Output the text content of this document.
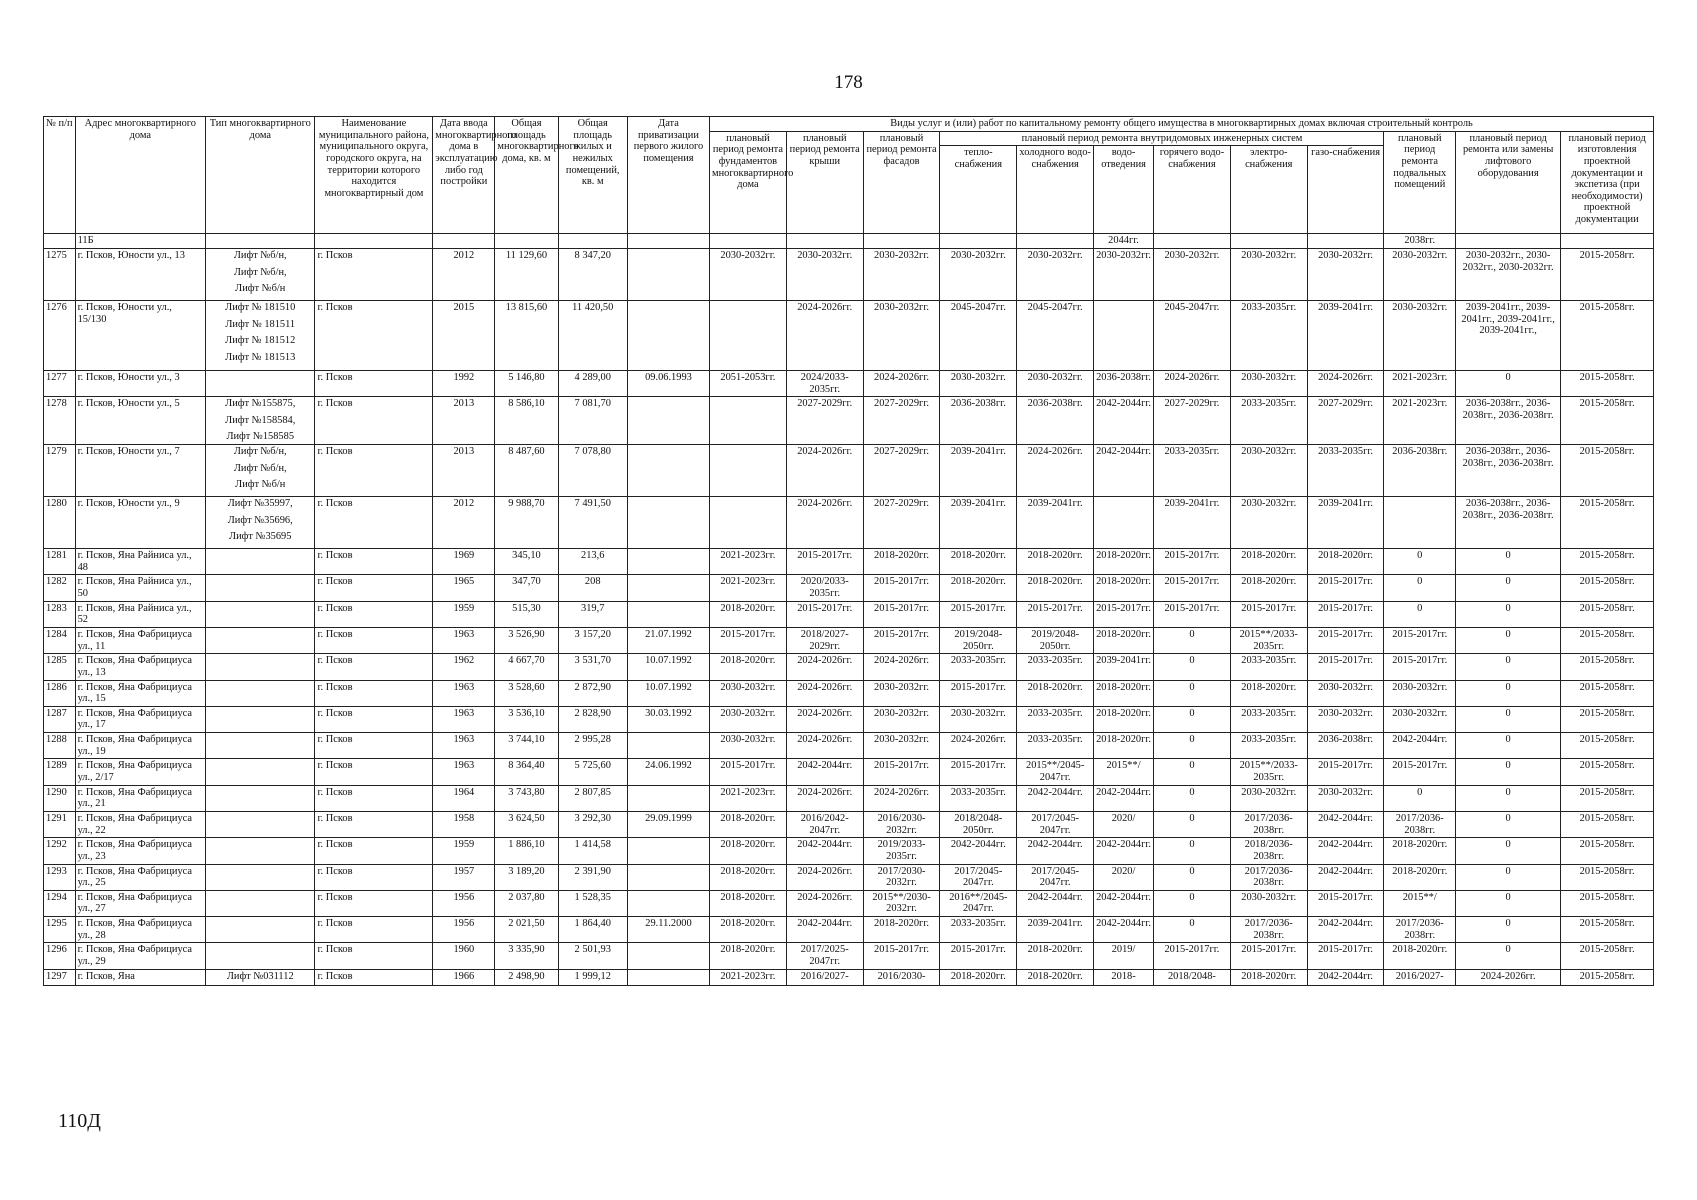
178
№ п/п	Адрес многоквартирного дома	Тип многоквартирного дома	Наименование муниципального района, муниципального округа, городского округа, на территории которого находится многоквартирный дом	Дата ввода многоквартирного дома в эксплуатацию либо год постройки	Общая площадь многоквартирного дома, кв. м	Общая площадь жилых и нежилых помещений, кв. м	Дата приватизации первого жилого помещения	Виды услуг и (или) работ по капитальному ремонту общего имущества в многоквартирных домах включая строительный контроль											
								плановый период ремонта фундаментов многоквартирного дома	плановый период ремонта крыши	плановый период ремонта фасадов	плановый период ремонта внутридомовых инженерных систем						плановый период ремонта подвальных помещений	плановый период ремонта или замены лифтового оборудования	плановый период изготовления проектной документации и экспетиза (при необходимости) проектной документации
											тепло-снабжения	холодного водо-снабжения	водо-отведения	горячего водо-снабжения	электро-снабжения	газо-снабжения			
	11Б												2044гг.				2038гг.		
1275	г. Псков, Юности ул., 13	Лифт №б/н,
Лифт №б/н,
Лифт №б/н	г. Псков	2012	11 129,60	8 347,20		2030-2032гг.	2030-2032гг.	2030-2032гг.	2030-2032гг.	2030-2032гг.	2030-2032гг.	2030-2032гг.	2030-2032гг.	2030-2032гг.	2030-2032гг.	2030-2032гг., 2030-2032гг., 2030-2032гг.	2015-2058гг.
1276	г. Псков, Юности ул., 15/130	Лифт № 181510
Лифт № 181511
Лифт № 181512
Лифт № 181513	г. Псков	2015	13 815,60	11 420,50			2024-2026гг.	2030-2032гг.	2045-2047гг.	2045-2047гг.		2045-2047гг.	2033-2035гг.	2039-2041гг.	2030-2032гг.	2039-2041гг., 2039-2041гг., 2039-2041гг., 2039-2041гг.,	2015-2058гг.
1277	г. Псков, Юности ул., 3		г. Псков	1992	5 146,80	4 289,00	09.06.1993	2051-2053гг.	2024/2033-2035гг.	2024-2026гг.	2030-2032гг.	2030-2032гг.	2036-2038гг.	2024-2026гг.	2030-2032гг.	2024-2026гг.	2021-2023гг.	0	2015-2058гг.
1278	г. Псков, Юности ул., 5	Лифт №155875,
Лифт №158584,
Лифт №158585	г. Псков	2013	8 586,10	7 081,70			2027-2029гг.	2027-2029гг.	2036-2038гг.	2036-2038гг.	2042-2044гг.	2027-2029гг.	2033-2035гг.	2027-2029гг.	2021-2023гг.	2036-2038гг., 2036-2038гг., 2036-2038гг.	2015-2058гг.
1279	г. Псков, Юности ул., 7	Лифт №б/н,
Лифт №б/н,
Лифт №б/н	г. Псков	2013	8 487,60	7 078,80			2024-2026гг.	2027-2029гг.	2039-2041гг.	2024-2026гг.	2042-2044гг.	2033-2035гг.	2030-2032гг.	2033-2035гг.	2036-2038гг.	2036-2038гг., 2036-2038гг., 2036-2038гг.	2015-2058гг.
1280	г. Псков, Юности ул., 9	Лифт №35997,
Лифт №35696,
Лифт №35695	г. Псков	2012	9 988,70	7 491,50			2024-2026гг.	2027-2029гг.	2039-2041гг.	2039-2041гг.		2039-2041гг.	2030-2032гг.	2039-2041гг.		2036-2038гг., 2036-2038гг., 2036-2038гг.	2015-2058гг.
1281	г. Псков, Яна Райниса ул., 48		г. Псков	1969	345,10	213,6		2021-2023гг.	2015-2017гг.	2018-2020гг.	2018-2020гг.	2018-2020гг.	2018-2020гг.	2015-2017гг.	2018-2020гг.	2018-2020гг.	0	0	2015-2058гг.
1282	г. Псков, Яна Райниса ул., 50		г. Псков	1965	347,70	208		2021-2023гг.	2020/2033-2035гг.	2015-2017гг.	2018-2020гг.	2018-2020гг.	2018-2020гг.	2015-2017гг.	2018-2020гг.	2015-2017гг.	0	0	2015-2058гг.
1283	г. Псков, Яна Райниса ул., 52		г. Псков	1959	515,30	319,7		2018-2020гг.	2015-2017гг.	2015-2017гг.	2015-2017гг.	2015-2017гг.	2015-2017гг.	2015-2017гг.	2015-2017гг.	2015-2017гг.	0	0	2015-2058гг.
1284	г. Псков, Яна Фабрициуса ул., 11		г. Псков	1963	3 526,90	3 157,20	21.07.1992	2015-2017гг.	2018/2027-2029гг.	2015-2017гг.	2019/2048-2050гг.	2019/2048-2050гг.	2018-2020гг.	0	2015**/2033-2035гг.	2015-2017гг.	2015-2017гг.	0	2015-2058гг.
1285	г. Псков, Яна Фабрициуса ул., 13		г. Псков	1962	4 667,70	3 531,70	10.07.1992	2018-2020гг.	2024-2026гг.	2024-2026гг.	2033-2035гг.	2033-2035гг.	2039-2041гг.	0	2033-2035гг.	2015-2017гг.	2015-2017гг.	0	2015-2058гг.
1286	г. Псков, Яна Фабрициуса ул., 15		г. Псков	1963	3 528,60	2 872,90	10.07.1992	2030-2032гг.	2024-2026гг.	2030-2032гг.	2015-2017гг.	2018-2020гг.	2018-2020гг.	0	2018-2020гг.	2030-2032гг.	2030-2032гг.	0	2015-2058гг.
1287	г. Псков, Яна Фабрициуса ул., 17		г. Псков	1963	3 536,10	2 828,90	30.03.1992	2030-2032гг.	2024-2026гг.	2030-2032гг.	2030-2032гг.	2033-2035гг.	2018-2020гг.	0	2033-2035гг.	2030-2032гг.	2030-2032гг.	0	2015-2058гг.
1288	г. Псков, Яна Фабрициуса ул., 19		г. Псков	1963	3 744,10	2 995,28		2030-2032гг.	2024-2026гг.	2030-2032гг.	2024-2026гг.	2033-2035гг.	2018-2020гг.	0	2033-2035гг.	2036-2038гг.	2042-2044гг.	0	2015-2058гг.
1289	г. Псков, Яна Фабрициуса ул., 2/17		г. Псков	1963	8 364,40	5 725,60	24.06.1992	2015-2017гг.	2042-2044гг.	2015-2017гг.	2015-2017гг.	2015**/2045-2047гг.	2015**/	0	2015**/2033-2035гг.	2015-2017гг.	2015-2017гг.	0	2015-2058гг.
1290	г. Псков, Яна Фабрициуса ул., 21		г. Псков	1964	3 743,80	2 807,85		2021-2023гг.	2024-2026гг.	2024-2026гг.	2033-2035гг.	2042-2044гг.	2042-2044гг.	0	2030-2032гг.	2030-2032гг.	0	0	2015-2058гг.
1291	г. Псков, Яна Фабрициуса ул., 22		г. Псков	1958	3 624,50	3 292,30	29.09.1999	2018-2020гг.	2016/2042-2047гг.	2016/2030-2032гг.	2018/2048-2050гг.	2017/2045-2047гг.	2020/	0	2017/2036-2038гг.	2042-2044гг.	2017/2036-2038гг.	0	2015-2058гг.
1292	г. Псков, Яна Фабрициуса ул., 23		г. Псков	1959	1 886,10	1 414,58		2018-2020гг.	2042-2044гг.	2019/2033-2035гг.	2042-2044гг.	2042-2044гг.	2042-2044гг.	0	2018/2036-2038гг.	2042-2044гг.	2018-2020гг.	0	2015-2058гг.
1293	г. Псков, Яна Фабрициуса ул., 25		г. Псков	1957	3 189,20	2 391,90		2018-2020гг.	2024-2026гг.	2017/2030-2032гг.	2017/2045-2047гг.	2017/2045-2047гг.	2020/	0	2017/2036-2038гг.	2042-2044гг.	2018-2020гг.	0	2015-2058гг.
1294	г. Псков, Яна Фабрициуса ул., 27		г. Псков	1956	2 037,80	1 528,35		2018-2020гг.	2024-2026гг.	2015**/2030-2032гг.	2016**/2045-2047гг.	2042-2044гг.	2042-2044гг.	0	2030-2032гг.	2015-2017гг.	2015**/	0	2015-2058гг.
1295	г. Псков, Яна Фабрициуса ул., 28		г. Псков	1956	2 021,50	1 864,40	29.11.2000	2018-2020гг.	2042-2044гг.	2018-2020гг.	2033-2035гг.	2039-2041гг.	2042-2044гг.	0	2017/2036-2038гг.	2042-2044гг.	2017/2036-2038гг.	0	2015-2058гг.
1296	г. Псков, Яна Фабрициуса ул., 29		г. Псков	1960	3 335,90	2 501,93		2018-2020гг.	2017/2025-2047гг.	2015-2017гг.	2015-2017гг.	2018-2020гг.	2019/	2015-2017гг.	2015-2017гг.	2015-2017гг.	2018-2020гг.	0	2015-2058гг.
1297	г. Псков, Яна	Лифт №031112	г. Псков	1966	2 498,90	1 999,12		2021-2023гг.	2016/2027-	2016/2030-	2018-2020гг.	2018-2020гг.	2018-	2018/2048-	2018-2020гг.	2042-2044гг.	2016/2027-	2024-2026гг.	2015-2058гг.
110Д
